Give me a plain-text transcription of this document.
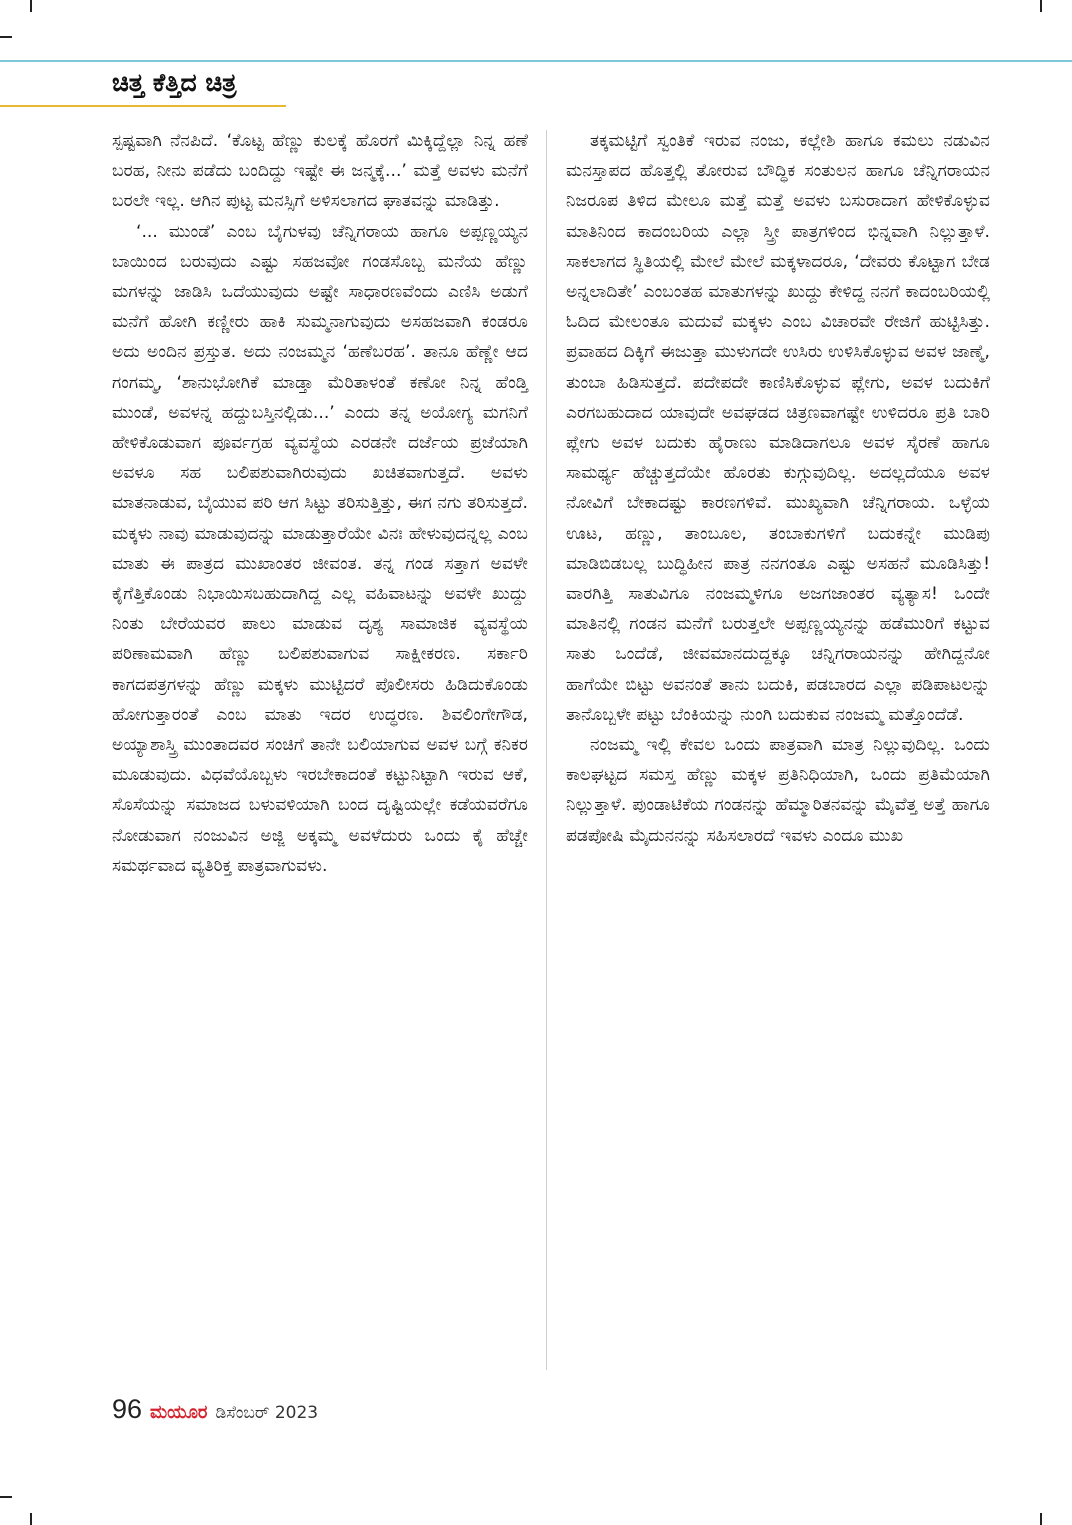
ಚಿತ್ತ ಕೆತ್ತಿದ ಚಿತ್ರ

ಸ್ಪಷ್ಟವಾಗಿ ನೆನಪಿದೆ. ‘ಕೊಟ್ಟ ಹೆಣ್ಣು ಕುಲಕ್ಕೆ ಹೊರಗೆ ಮಿಕ್ಕಿದ್ದೆಲ್ಲಾ ನಿನ್ನ ಹಣೆ ಬರಹ, ನೀನು ಪಡೆದು ಬಂದಿದ್ದು ಇಷ್ಟೇ ಈ ಜನ್ಮಕ್ಕೆ...’ ಮತ್ತೆ ಅವಳು ಮನೆಗೆ ಬರಲೇ ಇಲ್ಲ. ಆಗಿನ ಪುಟ್ಟ ಮನಸ್ಸಿಗೆ ಅಳಿಸಲಾಗದ ಘಾತವನ್ನು ಮಾಡಿತ್ತು.

‘... ಮುಂಡೆ’ ಎಂಬ ಬೈಗುಳವು ಚೆನ್ನಿಗರಾಯ ಹಾಗೂ ಅಪ್ಪಣ್ಣಯ್ಯನ ಬಾಯಿಂದ ಬರುವುದು ಎಷ್ಟು ಸಹಜವೋ ಗಂಡಸೊಬ್ಬ ಮನೆಯ ಹೆಣ್ಣು ಮಗಳನ್ನು ಜಾಡಿಸಿ ಒದೆಯುವುದು ಅಷ್ಟೇ ಸಾಧಾರಣವೆಂದು ಎಣಿಸಿ ಅಡುಗೆ ಮನೆಗೆ ಹೋಗಿ ಕಣ್ಣೀರು ಹಾಕಿ ಸುಮ್ಮನಾಗುವುದು ಅಸಹಜವಾಗಿ ಕಂಡರೂ ಅದು ಅಂದಿನ ಪ್ರಸ್ತುತ. ಅದು ನಂಜಮ್ಮನ ‘ಹಣೆಬರಹ’. ತಾನೂ ಹೆಣ್ಣೇ ಆದ ಗಂಗಮ್ಮ, ‘ಶಾನುಭೋಗಿಕೆ ಮಾಡ್ತಾ ಮೆರಿತಾಳಂತೆ ಕಣೋ ನಿನ್ನ ಹೆಂಡ್ತಿ ಮುಂಡೆ, ಅವಳನ್ನ ಹದ್ದುಬಸ್ತಿನಲ್ಲಿಡು...’ ಎಂದು ತನ್ನ ಅಯೋಗ್ಯ ಮಗನಿಗೆ ಹೇಳಿಕೊಡುವಾಗ ಪೂರ್ವಗ್ರಹ ವ್ಯವಸ್ಥೆಯ ಎರಡನೇ ದರ್ಜೆಯ ಪ್ರಜೆಯಾಗಿ ಅವಳೂ ಸಹ ಬಲಿಪಶುವಾಗಿರುವುದು ಖಚಿತವಾಗುತ್ತದೆ. ಅವಳು ಮಾತನಾಡುವ, ಬೈಯುವ ಪರಿ ಆಗ ಸಿಟ್ಟು ತರಿಸುತ್ತಿತ್ತು, ಈಗ ನಗು ತರಿಸುತ್ತದೆ. ಮಕ್ಕಳು ನಾವು ಮಾಡುವುದನ್ನು ಮಾಡುತ್ತಾರೆಯೇ ವಿನಃ ಹೇಳುವುದನ್ನಲ್ಲ ಎಂಬ ಮಾತು ಈ ಪಾತ್ರದ ಮುಖಾಂತರ ಜೀವಂತ. ತನ್ನ ಗಂಡ ಸತ್ತಾಗ ಅವಳೇ ಕೈಗೆತ್ತಿಕೊಂಡು ನಿಭಾಯಿಸಬಹುದಾಗಿದ್ದ ಎಲ್ಲ ವಹಿವಾಟನ್ನು ಅವಳೇ ಖುದ್ದು ನಿಂತು ಬೇರೆಯವರ ಪಾಲು ಮಾಡುವ ದೃಶ್ಯ ಸಾಮಾಜಿಕ ವ್ಯವಸ್ಥೆಯ ಪರಿಣಾಮವಾಗಿ ಹೆಣ್ಣು ಬಲಿಪಶುವಾಗುವ ಸಾಕ್ಷೀಕರಣ. ಸರ್ಕಾರಿ ಕಾಗದಪತ್ರಗಳನ್ನು ಹೆಣ್ಣು ಮಕ್ಕಳು ಮುಟ್ಟಿದರೆ ಪೊಲೀಸರು ಹಿಡಿದುಕೊಂಡು ಹೋಗುತ್ತಾರಂತೆ ಎಂಬ ಮಾತು ಇದರ ಉದ್ಧರಣ. ಶಿವಲಿಂಗೇಗೌಡ, ಅಯ್ಯಾಶಾಸ್ತ್ರಿ ಮುಂತಾದವರ ಸಂಚಿಗೆ ತಾನೇ ಬಲಿಯಾಗುವ ಅವಳ ಬಗ್ಗೆ ಕನಿಕರ ಮೂಡುವುದು. ವಿಧವೆಯೊಬ್ಬಳು ಇರಬೇಕಾದಂತೆ ಕಟ್ಟುನಿಟ್ಟಾಗಿ ಇರುವ ಆಕೆ, ಸೊಸೆಯನ್ನು ಸಮಾಜದ ಬಳುವಳಿಯಾಗಿ ಬಂದ ದೃಷ್ಟಿಯಲ್ಲೇ ಕಡೆಯವರೆಗೂ ನೋಡುವಾಗ ನಂಜುವಿನ ಅಜ್ಜಿ ಅಕ್ಕಮ್ಮ ಅವಳೆದುರು ಒಂದು ಕೈ ಹೆಚ್ಚೇ ಸಮರ್ಥವಾದ ವ್ಯತಿರಿಕ್ತ ಪಾತ್ರವಾಗುವಳು.

ತಕ್ಕಮಟ್ಟಿಗೆ ಸ್ವಂತಿಕೆ ಇರುವ ನಂಜು, ಕಲ್ಲೇಶಿ ಹಾಗೂ ಕಮಲು ನಡುವಿನ ಮನಸ್ತಾಪದ ಹೊತ್ತಲ್ಲಿ ತೋರುವ ಬೌದ್ಧಿಕ ಸಂತುಲನ ಹಾಗೂ ಚೆನ್ನಿಗರಾಯನ ನಿಜರೂಪ ತಿಳಿದ ಮೇಲೂ ಮತ್ತೆ ಮತ್ತೆ ಅವಳು ಬಸುರಾದಾಗ ಹೇಳಿಕೊಳ್ಳುವ ಮಾತಿನಿಂದ ಕಾದಂಬರಿಯ ಎಲ್ಲಾ ಸ್ತ್ರೀ ಪಾತ್ರಗಳಿಂದ ಭಿನ್ನವಾಗಿ ನಿಲ್ಲುತ್ತಾಳೆ. ಸಾಕಲಾಗದ ಸ್ಥಿತಿಯಲ್ಲಿ ಮೇಲೆ ಮೇಲೆ ಮಕ್ಕಳಾದರೂ, ‘ದೇವರು ಕೊಟ್ಟಾಗ ಬೇಡ ಅನ್ನಲಾದಿತೇ’ ಎಂಬಂತಹ ಮಾತುಗಳನ್ನು ಖುದ್ದು ಕೇಳಿದ್ದ ನನಗೆ ಕಾದಂಬರಿಯಲ್ಲಿ ಓದಿದ ಮೇಲಂತೂ ಮದುವೆ ಮಕ್ಕಳು ಎಂಬ ವಿಚಾರವೇ ರೇಜಿಗೆ ಹುಟ್ಟಿಸಿತ್ತು. ಪ್ರವಾಹದ ದಿಕ್ಕಿಗೆ ಈಜುತ್ತಾ ಮುಳುಗದೇ ಉಸಿರು ಉಳಿಸಿಕೊಳ್ಳುವ ಅವಳ ಜಾಣ್ಮೆ, ತುಂಬಾ ಹಿಡಿಸುತ್ತದೆ. ಪದೇಪದೇ ಕಾಣಿಸಿಕೊಳ್ಳುವ ಪ್ಲೇಗು, ಅವಳ ಬದುಕಿಗೆ ಎರಗಬಹುದಾದ ಯಾವುದೇ ಅವಘಡದ ಚಿತ್ರಣವಾಗಷ್ಟೇ ಉಳಿದರೂ ಪ್ರತಿ ಬಾರಿ ಪ್ಲೇಗು ಅವಳ ಬದುಕು ಹೈರಾಣು ಮಾಡಿದಾಗಲೂ ಅವಳ ಸೈರಣೆ ಹಾಗೂ ಸಾಮರ್ಥ್ಯ ಹೆಚ್ಚುತ್ತದೆಯೇ ಹೊರತು ಕುಗ್ಗುವುದಿಲ್ಲ. ಅದಲ್ಲದೆಯೂ ಅವಳ ನೋವಿಗೆ ಬೇಕಾದಷ್ಟು ಕಾರಣಗಳಿವೆ. ಮುಖ್ಯವಾಗಿ ಚೆನ್ನಿಗರಾಯ. ಒಳ್ಳೆಯ ಊಟ, ಹಣ್ಣು, ತಾಂಬೂಲ, ತಂಬಾಕುಗಳಿಗೆ ಬದುಕನ್ನೇ ಮುಡಿಪು ಮಾಡಿಬಿಡಬಲ್ಲ ಬುದ್ಧಿಹೀನ ಪಾತ್ರ ನನಗಂತೂ ಎಷ್ಟು ಅಸಹನೆ ಮೂಡಿಸಿತ್ತು! ವಾರಗಿತ್ತಿ ಸಾತುವಿಗೂ ನಂಜಮ್ಮಳಿಗೂ ಅಜಗಜಾಂತರ ವ್ಯತ್ಯಾಸ! ಒಂದೇ ಮಾತಿನಲ್ಲಿ ಗಂಡನ ಮನೆಗೆ ಬರುತ್ತಲೇ ಅಪ್ಪಣ್ಣಯ್ಯನನ್ನು ಹಡೆಮುರಿಗೆ ಕಟ್ಟುವ ಸಾತು ಒಂದೆಡೆ, ಜೀವಮಾನದುದ್ದಕ್ಕೂ ಚನ್ನಿಗರಾಯನನ್ನು ಹೇಗಿದ್ದನೋ ಹಾಗೆಯೇ ಬಿಟ್ಟು ಅವನಂತೆ ತಾನು ಬದುಕಿ, ಪಡಬಾರದ ಎಲ್ಲಾ ಪಡಿಪಾಟಲನ್ನು ತಾನೊಬ್ಬಳೇ ಪಟ್ಟು ಬೆಂಕಿಯನ್ನು ನುಂಗಿ ಬದುಕುವ ನಂಜಮ್ಮ ಮತ್ತೊಂದೆಡೆ.

ನಂಜಮ್ಮ ಇಲ್ಲಿ ಕೇವಲ ಒಂದು ಪಾತ್ರವಾಗಿ ಮಾತ್ರ ನಿಲ್ಲುವುದಿಲ್ಲ. ಒಂದು ಕಾಲಘಟ್ಟದ ಸಮಸ್ತ ಹೆಣ್ಣು ಮಕ್ಕಳ ಪ್ರತಿನಿಧಿಯಾಗಿ, ಒಂದು ಪ್ರತಿಮೆಯಾಗಿ ನಿಲ್ಲುತ್ತಾಳೆ. ಪುಂಡಾಟಿಕೆಯ ಗಂಡನನ್ನು ಹೆಮ್ಮಾರಿತನವನ್ನು ಮೈವೆತ್ತ ಅತ್ತೆ ಹಾಗೂ ಪಡಪೋಷಿ ಮೈದುನನನ್ನು ಸಹಿಸಲಾರದೆ ಇವಳು ಎಂದೂ ಮುಖ

96 ಮಯೂರ ಡಿಸೆಂಬರ್ 2023
